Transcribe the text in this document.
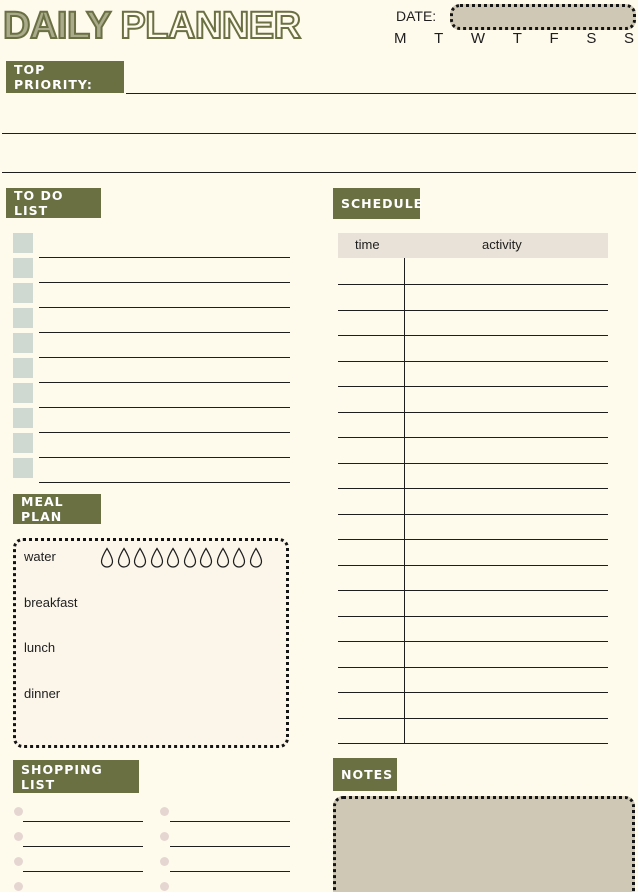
DAILY PLANNER	DATE:
M T W T F S S
TOP PRIORITY:
TO DO LIST	SCHEDULE
time	activity
MEAL PLAN
water
breakfast
lunch
dinner
SHOPPING LIST
NOTES
